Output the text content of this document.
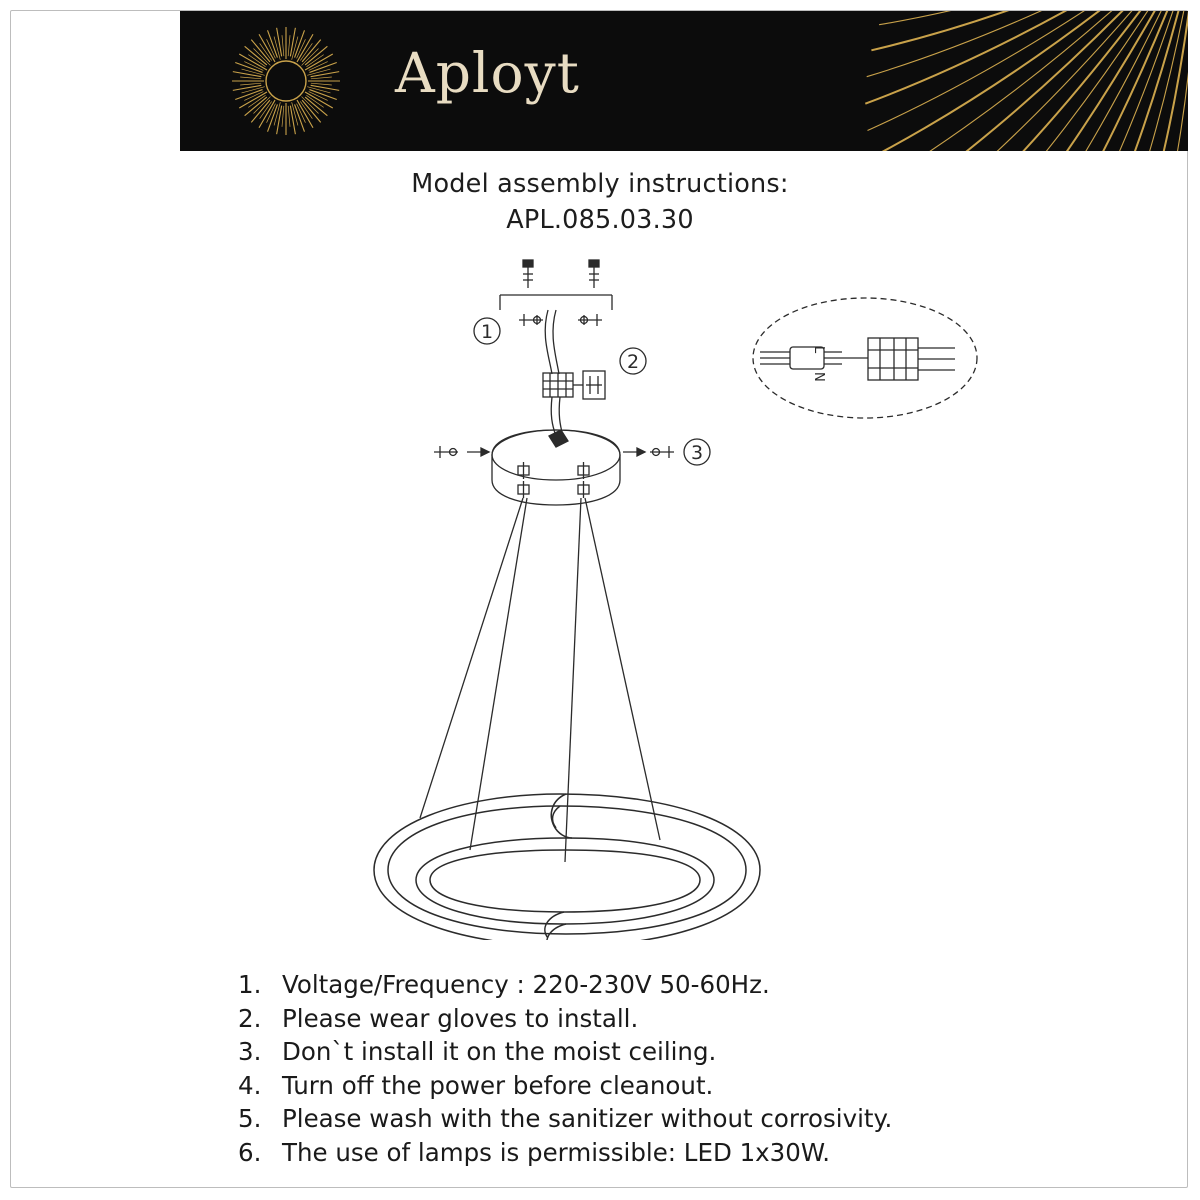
Aployt
Model assembly instructions:
APL.085.03.30
1
2
3
L
N
1. Voltage/Frequency : 220-230V 50-60Hz.
2. Please wear gloves to install.
3. Don`t install it on the moist ceiling.
4. Turn off the power before cleanout.
5. Please wash with the sanitizer without corrosivity.
6. The use of lamps is permissible: LED 1x30W.
